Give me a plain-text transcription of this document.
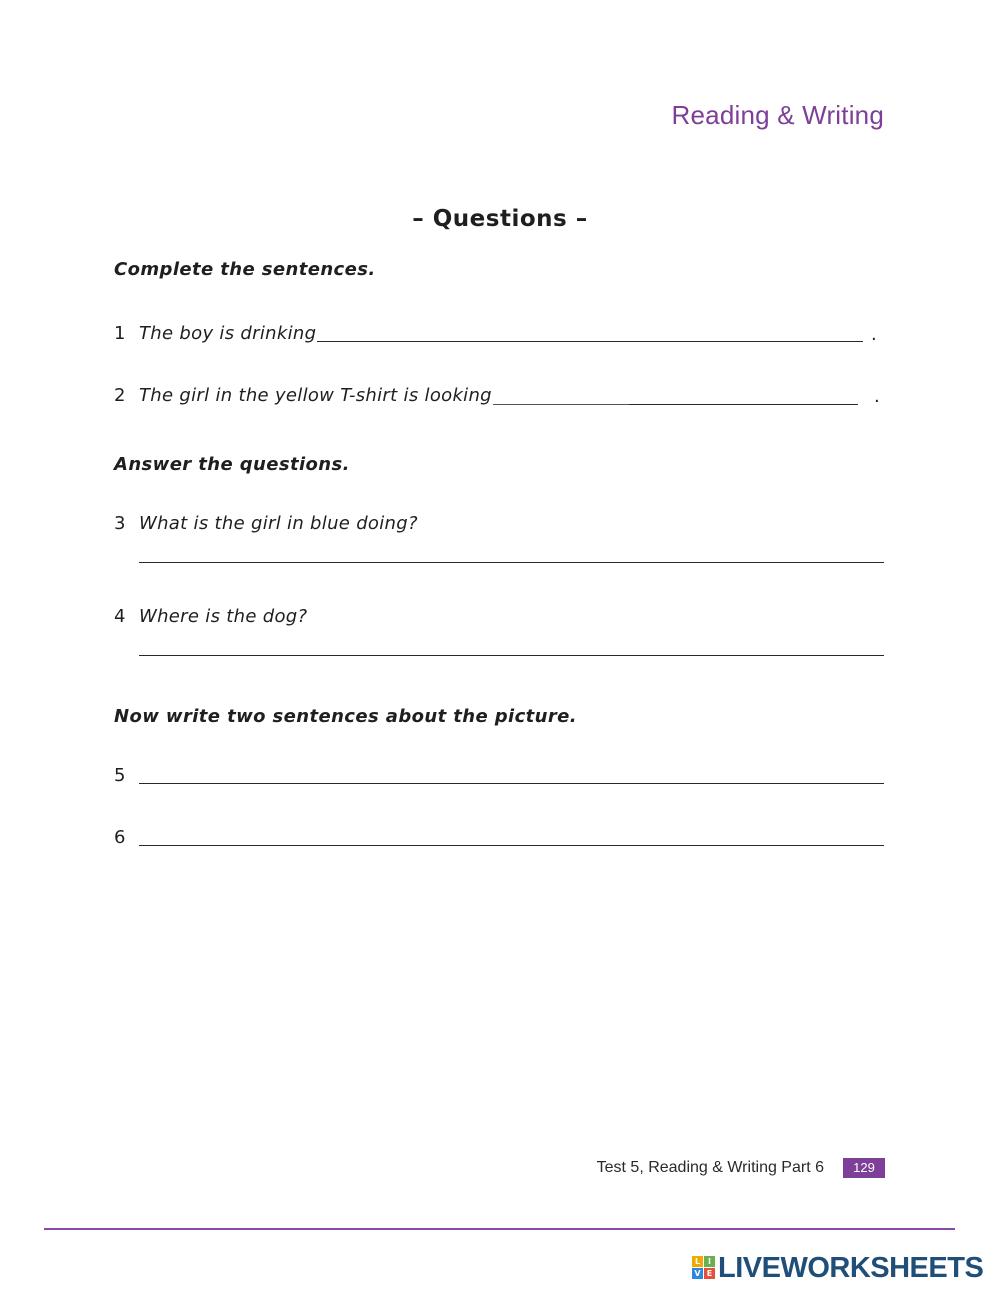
Reading & Writing
– Questions –
Complete the sentences.
1 The boy is drinking	.
2 The girl in the yellow T-shirt is looking	.
Answer the questions.
3 What is the girl in blue doing?
4 Where is the dog?
Now write two sentences about the picture.
5
6
Test 5, Reading & Writing Part 6	129
L I
V E LIVEWORKSHEETS
